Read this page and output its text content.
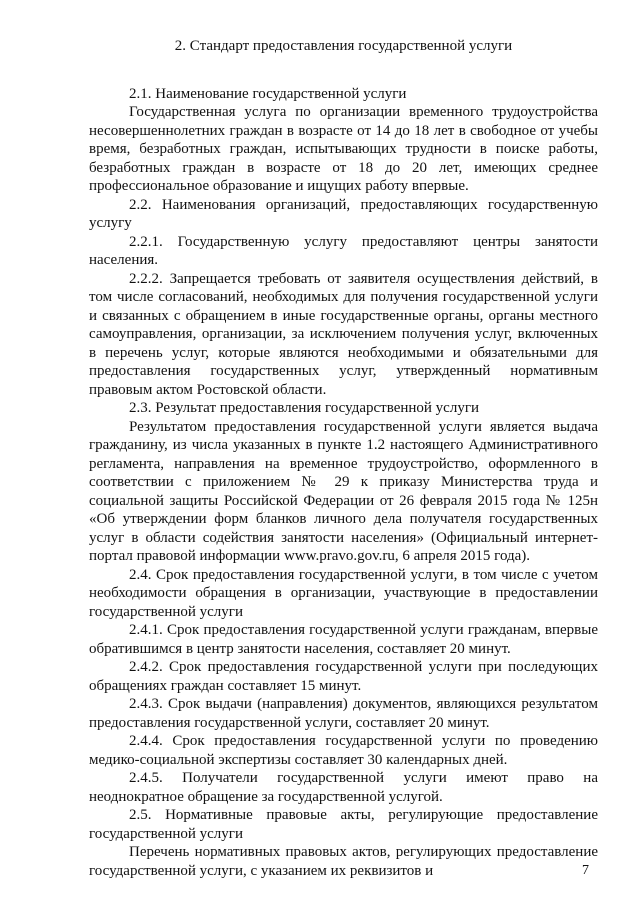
2. Стандарт предоставления государственной услуги

2.1. Наименование государственной услуги

Государственная услуга по организации временного трудоустройства несовершеннолетних граждан в возрасте от 14 до 18 лет в свободное от учебы время, безработных граждан, испытывающих трудности в поиске работы, безработных граждан в возрасте от 18 до 20 лет, имеющих среднее профессиональное образование и ищущих работу впервые.

2.2. Наименования организаций, предоставляющих государственную услугу

2.2.1. Государственную услугу предоставляют центры занятости населения.

2.2.2. Запрещается требовать от заявителя осуществления действий, в том числе согласований, необходимых для получения государственной услуги и связанных с обращением в иные государственные органы, органы местного самоуправления, организации, за исключением получения услуг, включенных в перечень услуг, которые являются необходимыми и обязательными для предоставления государственных услуг, утвержденный нормативным правовым актом Ростовской области.

2.3. Результат предоставления государственной услуги

Результатом предоставления государственной услуги является выдача гражданину, из числа указанных в пункте 1.2 настоящего Административного регламента, направления на временное трудоустройство, оформленного в соответствии с приложением № 29 к приказу Министерства труда и социальной защиты Российской Федерации от 26 февраля 2015 года № 125н «Об утверждении форм бланков личного дела получателя государственных услуг в области содействия занятости населения» (Официальный интернет-портал правовой информации www.pravo.gov.ru, 6 апреля 2015 года).

2.4. Срок предоставления государственной услуги, в том числе с учетом необходимости обращения в организации, участвующие в предоставлении государственной услуги

2.4.1. Срок предоставления государственной услуги гражданам, впервые обратившимся в центр занятости населения, составляет 20 минут.

2.4.2. Срок предоставления государственной услуги при последующих обращениях граждан составляет 15 минут.

2.4.3. Срок выдачи (направления) документов, являющихся результатом предоставления государственной услуги, составляет 20 минут.

2.4.4. Срок предоставления государственной услуги по проведению медико-социальной экспертизы составляет 30 календарных дней.

2.4.5. Получатели государственной услуги имеют право на неоднократное обращение за государственной услугой.

2.5. Нормативные правовые акты, регулирующие предоставление государственной услуги

Перечень нормативных правовых актов, регулирующих предоставление государственной услуги, с указанием их реквизитов и	7
